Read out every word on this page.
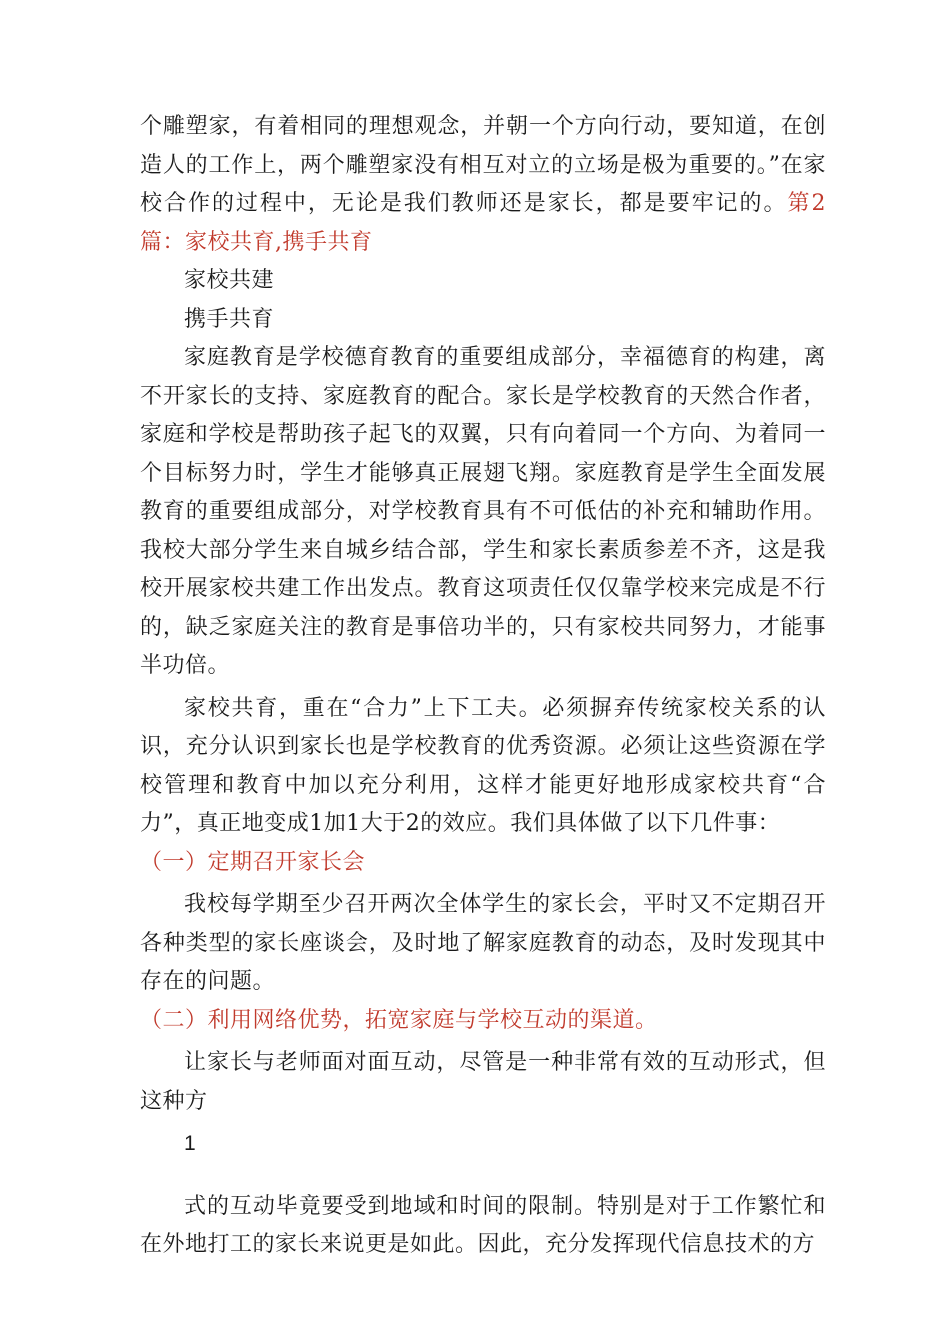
个雕塑家，有着相同的理想观念，并朝一个方向行动，要知道，在创造人的工作上，两个雕塑家没有相互对立的立场是极为重要的。”在家校合作的过程中，无论是我们教师还是家长，都是要牢记的。第2篇：家校共育,携手共育

家校共建

携手共育

家庭教育是学校德育教育的重要组成部分，幸福德育的构建，离不开家长的支持、家庭教育的配合。家长是学校教育的天然合作者，家庭和学校是帮助孩子起飞的双翼，只有向着同一个方向、为着同一个目标努力时，学生才能够真正展翅飞翔。家庭教育是学生全面发展教育的重要组成部分，对学校教育具有不可低估的补充和辅助作用。我校大部分学生来自城乡结合部，学生和家长素质参差不齐，这是我校开展家校共建工作出发点。教育这项责任仅仅靠学校来完成是不行的，缺乏家庭关注的教育是事倍功半的，只有家校共同努力，才能事半功倍。

家校共育，重在“合力”上下工夫。必须摒弃传统家校关系的认识，充分认识到家长也是学校教育的优秀资源。必须让这些资源在学校管理和教育中加以充分利用，这样才能更好地形成家校共育“合力”，真正地变成1加1大于2的效应。我们具体做了以下几件事：

（一）定期召开家长会

我校每学期至少召开两次全体学生的家长会，平时又不定期召开各种类型的家长座谈会，及时地了解家庭教育的动态，及时发现其中存在的问题。

（二）利用网络优势，拓宽家庭与学校互动的渠道。

让家长与老师面对面互动，尽管是一种非常有效的互动形式，但这种方

1

式的互动毕竟要受到地域和时间的限制。特别是对于工作繁忙和在外地打工的家长来说更是如此。因此，充分发挥现代信息技术的方
